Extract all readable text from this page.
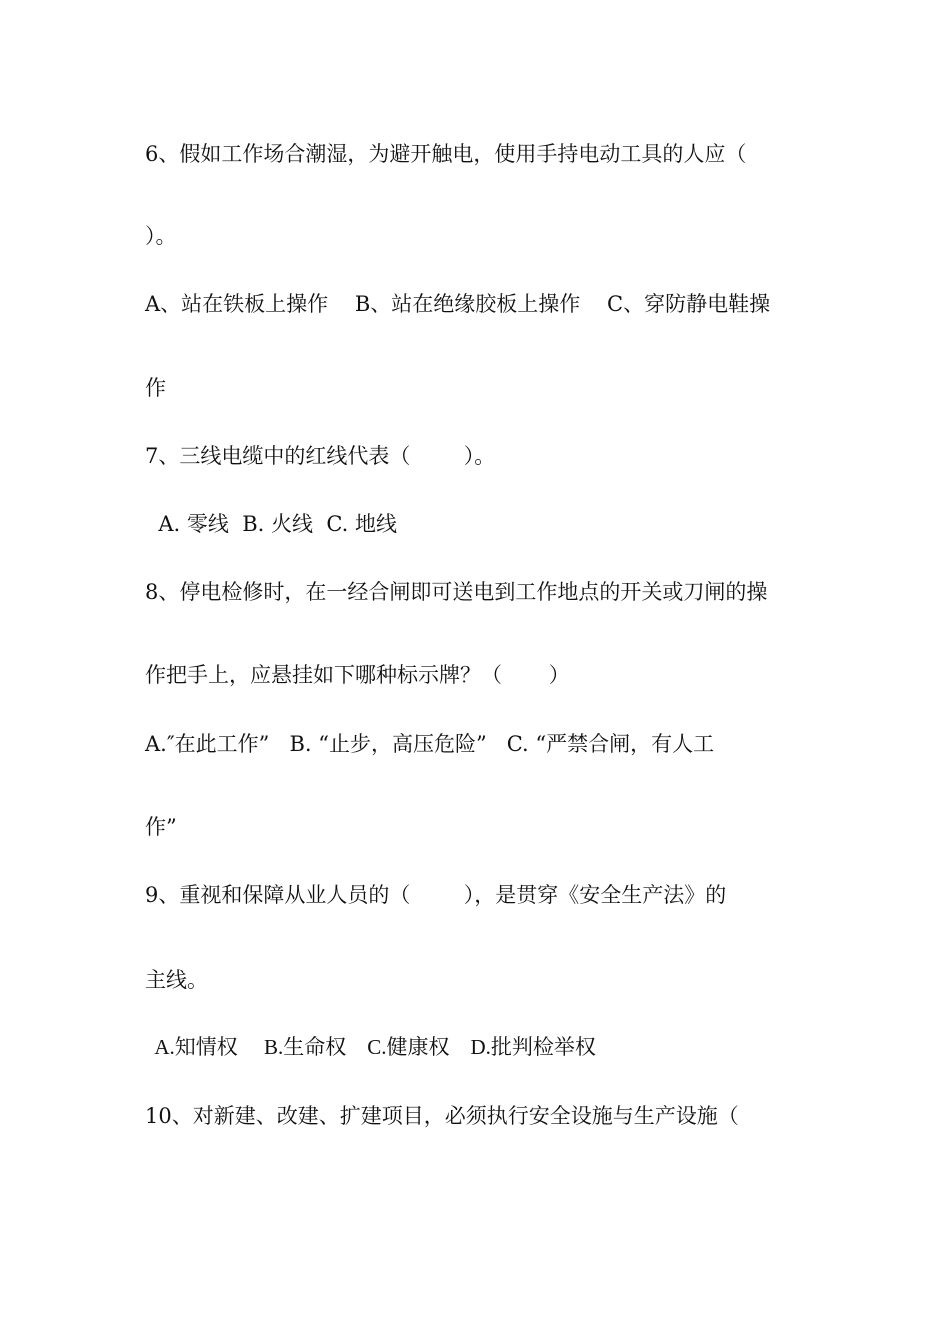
6、假如工作场合潮湿，为避开触电，使用手持电动工具的人应（

）。

A、站在铁板上操作    B、站在绝缘胶板上操作    C、穿防静电鞋操

作

7、三线电缆中的红线代表（        ）。

A. 零线  B. 火线  C. 地线

8、停电检修时，在一经合闸即可送电到工作地点的开关或刀闸的操

作把手上，应悬挂如下哪种标示牌？（       ）

A.″在此工作”   B. “止步，高压危险”   C. “严禁合闸，有人工

作”

9、重视和保障从业人员的（        ），是贯穿《安全生产法》的

主线。

A.知情权     B.生命权    C.健康权    D.批判检举权

10、对新建、改建、扩建项目，必须执行安全设施与生产设施（
